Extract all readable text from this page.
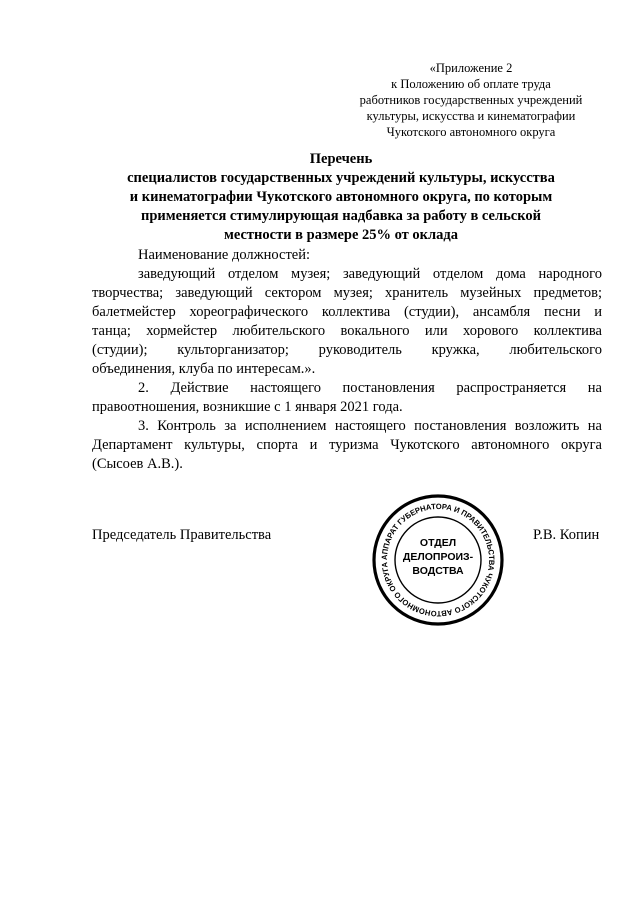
«Приложение 2
к Положению об оплате труда
работников государственных учреждений
культуры, искусства и кинематографии
Чукотского автономного округа
Перечень
специалистов государственных учреждений культуры, искусства
и кинематографии Чукотского автономного округа, по которым
применяется стимулирующая надбавка за работу в сельской
местности в размере 25% от оклада
Наименование должностей:
заведующий отделом музея; заведующий отделом дома народного
творчества; заведующий сектором музея; хранитель музейных предметов;
балетмейстер хореографического коллектива (студии), ансамбля песни и
танца; хормейстер любительского вокального или хорового коллектива
(студии); культорганизатор; руководитель кружка, любительского
объединения, клуба по интересам.».
2. Действие настоящего постановления распространяется на
правоотношения, возникшие с 1 января 2021 года.
3. Контроль за исполнением настоящего постановления возложить на
Департамент культуры, спорта и туризма Чукотского автономного округа
(Сысоев А.В.).
Председатель Правительства	Р.В. Копин
АППАРАТ ГУБЕРНАТОРА И ПРАВИТЕЛЬСТВА ЧУКОТСКОГО АВТОНОМНОГО ОКРУГА
ОТДЕЛ
ДЕЛОПРОИЗ-
ВОДСТВА
